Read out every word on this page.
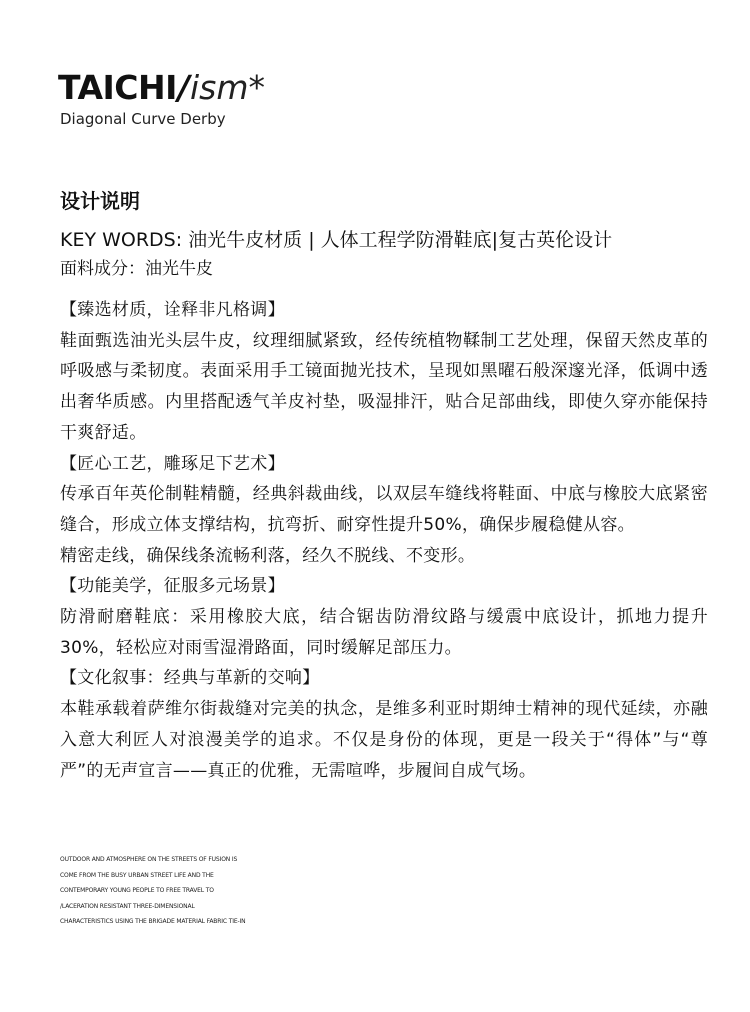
TAICHI/ism*
Diagonal Curve Derby
设计说明
KEY WORDS: 油光牛皮材质 | 人体工程学防滑鞋底|复古英伦设计
面料成分：油光牛皮

【臻选材质，诠释非凡格调】

鞋面甄选油光头层牛皮，纹理细腻紧致，经传统植物鞣制工艺处理，保留天然皮革的呼吸感与柔韧度。表面采用手工镜面抛光技术，呈现如黑曜石般深邃光泽，低调中透出奢华质感。内里搭配透气羊皮衬垫，吸湿排汗，贴合足部曲线，即使久穿亦能保持干爽舒适。

【匠心工艺，雕琢足下艺术】

传承百年英伦制鞋精髓，经典斜裁曲线，以双层车缝线将鞋面、中底与橡胶大底紧密缝合，形成立体支撑结构，抗弯折、耐穿性提升50%，确保步履稳健从容。

精密走线，确保线条流畅利落，经久不脱线、不变形。

【功能美学，征服多元场景】

防滑耐磨鞋底：采用橡胶大底，结合锯齿防滑纹路与缓震中底设计，抓地力提升30%，轻松应对雨雪湿滑路面，同时缓解足部压力。

【文化叙事：经典与革新的交响】

本鞋承载着萨维尔街裁缝对完美的执念，是维多利亚时期绅士精神的现代延续，亦融入意大利匠人对浪漫美学的追求。不仅是身份的体现，更是一段关于“得体”与“尊严”的无声宣言——真正的优雅，无需喧哗，步履间自成气场。

OUTDOOR AND ATMOSPHERE ON THE STREETS OF FUSION IS
COME FROM THE BUSY URBAN STREET LIFE AND THE
CONTEMPORARY YOUNG PEOPLE TO FREE TRAVEL TO
/LACERATION RESISTANT THREE-DIMENSIONAL
CHARACTERISTICS USING THE BRIGADE MATERIAL FABRIC TIE-IN
